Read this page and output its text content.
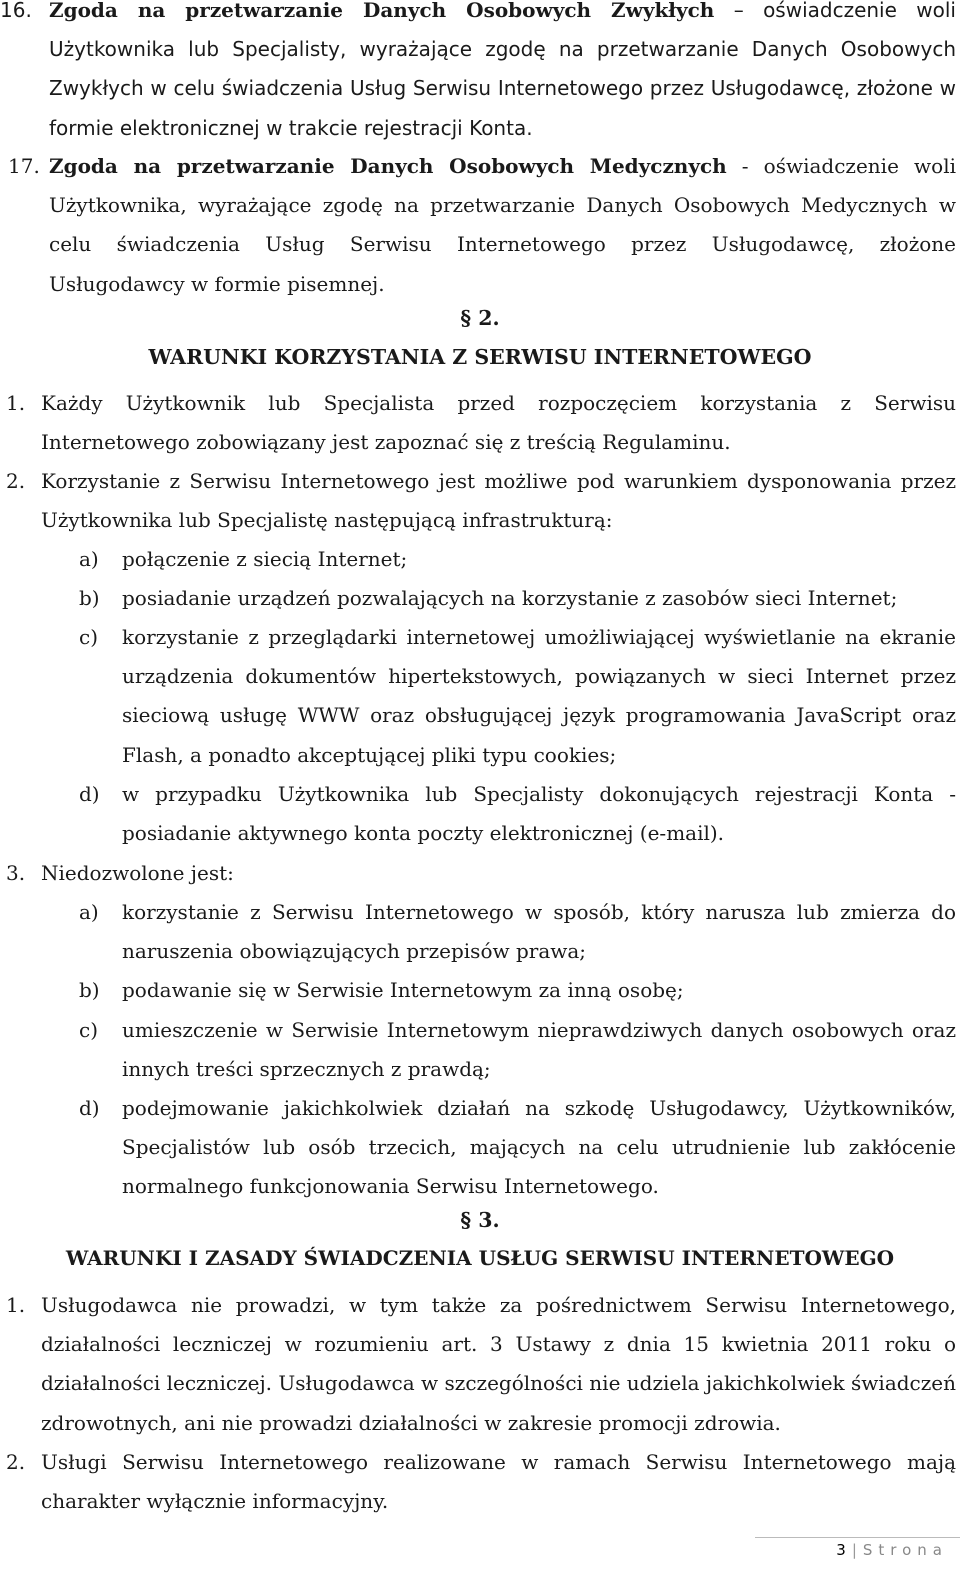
16. Zgoda na przetwarzanie Danych Osobowych Zwykłych – oświadczenie woli Użytkownika lub Specjalisty, wyrażające zgodę na przetwarzanie Danych Osobowych Zwykłych w celu świadczenia Usług Serwisu Internetowego przez Usługodawcę, złożone w formie elektronicznej w trakcie rejestracji Konta.
17. Zgoda na przetwarzanie Danych Osobowych Medycznych - oświadczenie woli Użytkownika, wyrażające zgodę na przetwarzanie Danych Osobowych Medycznych w celu świadczenia Usług Serwisu Internetowego przez Usługodawcę, złożone Usługodawcy w formie pisemnej.
§ 2.
WARUNKI KORZYSTANIA Z SERWISU INTERNETOWEGO
1. Każdy Użytkownik lub Specjalista przed rozpoczęciem korzystania z Serwisu Internetowego zobowiązany jest zapoznać się z treścią Regulaminu.
2. Korzystanie z Serwisu Internetowego jest możliwe pod warunkiem dysponowania przez Użytkownika lub Specjalistę następującą infrastrukturą:
a) połączenie z siecią Internet;
b) posiadanie urządzeń pozwalających na korzystanie z zasobów sieci Internet;
c) korzystanie z przeglądarki internetowej umożliwiającej wyświetlanie na ekranie urządzenia dokumentów hipertekstowych, powiązanych w sieci Internet przez sieciową usługę WWW oraz obsługującej język programowania JavaScript oraz Flash, a ponadto akceptującej pliki typu cookies;
d) w przypadku Użytkownika lub Specjalisty dokonujących rejestracji Konta - posiadanie aktywnego konta poczty elektronicznej (e-mail).
3. Niedozwolone jest:
a) korzystanie z Serwisu Internetowego w sposób, który narusza lub zmierza do naruszenia obowiązujących przepisów prawa;
b) podawanie się w Serwisie Internetowym za inną osobę;
c) umieszczenie w Serwisie Internetowym nieprawdziwych danych osobowych oraz innych treści sprzecznych z prawdą;
d) podejmowanie jakichkolwiek działań na szkodę Usługodawcy, Użytkowników, Specjalistów lub osób trzecich, mających na celu utrudnienie lub zakłócenie normalnego funkcjonowania Serwisu Internetowego.
§ 3.
WARUNKI I ZASADY ŚWIADCZENIA USŁUG SERWISU INTERNETOWEGO
1. Usługodawca nie prowadzi, w tym także za pośrednictwem Serwisu Internetowego, działalności leczniczej w rozumieniu art. 3 Ustawy z dnia 15 kwietnia 2011 roku o działalności leczniczej. Usługodawca w szczególności nie udziela jakichkolwiek świadczeń zdrowotnych, ani nie prowadzi działalności w zakresie promocji zdrowia.
2. Usługi Serwisu Internetowego realizowane w ramach Serwisu Internetowego mają charakter wyłącznie informacyjny.
3 | Strona
